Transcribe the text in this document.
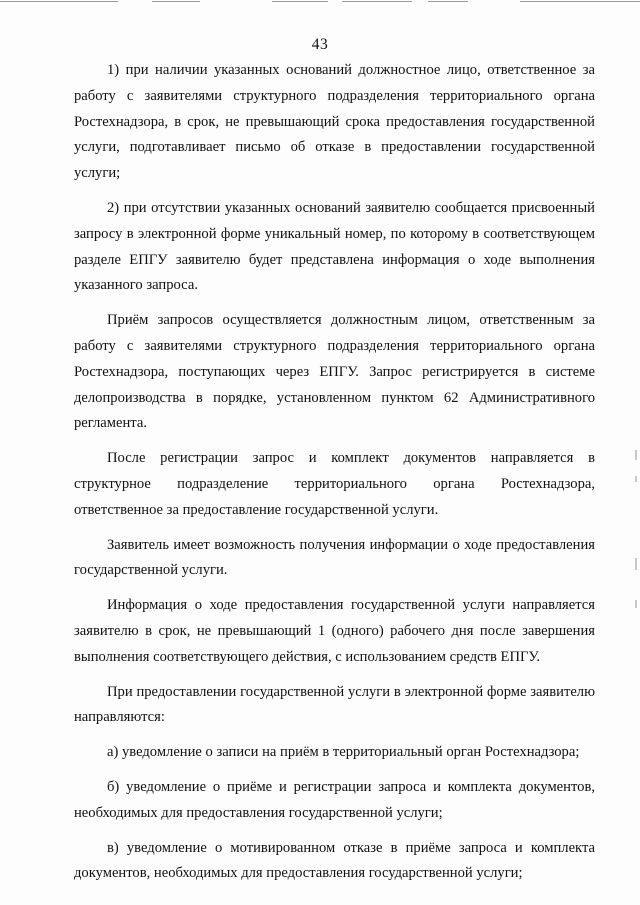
43

1) при наличии указанных оснований должностное лицо, ответственное за работу с заявителями структурного подразделения территориального органа Ростехнадзора, в срок, не превышающий срока предоставления государственной услуги, подготавливает письмо об отказе в предоставлении государственной услуги;

2) при отсутствии указанных оснований заявителю сообщается присвоенный запросу в электронной форме уникальный номер, по которому в соответствующем разделе ЕПГУ заявителю будет представлена информация о ходе выполнения указанного запроса.

Приём запросов осуществляется должностным лицом, ответственным за работу с заявителями структурного подразделения территориального органа Ростехнадзора, поступающих через ЕПГУ. Запрос регистрируется в системе делопроизводства в порядке, установленном пунктом 62 Административного регламента.

После регистрации запрос и комплект документов направляется в структурное подразделение территориального органа Ростехнадзора, ответственное за предоставление государственной услуги.

Заявитель имеет возможность получения информации о ходе предоставления государственной услуги.

Информация о ходе предоставления государственной услуги направляется заявителю в срок, не превышающий 1 (одного) рабочего дня после завершения выполнения соответствующего действия, с использованием средств ЕПГУ.

При предоставлении государственной услуги в электронной форме заявителю направляются:

а) уведомление о записи на приём в территориальный орган Ростехнадзора;

б) уведомление о приёме и регистрации запроса и комплекта документов, необходимых для предоставления государственной услуги;

в) уведомление о мотивированном отказе в приёме запроса и комплекта документов, необходимых для предоставления государственной услуги;
